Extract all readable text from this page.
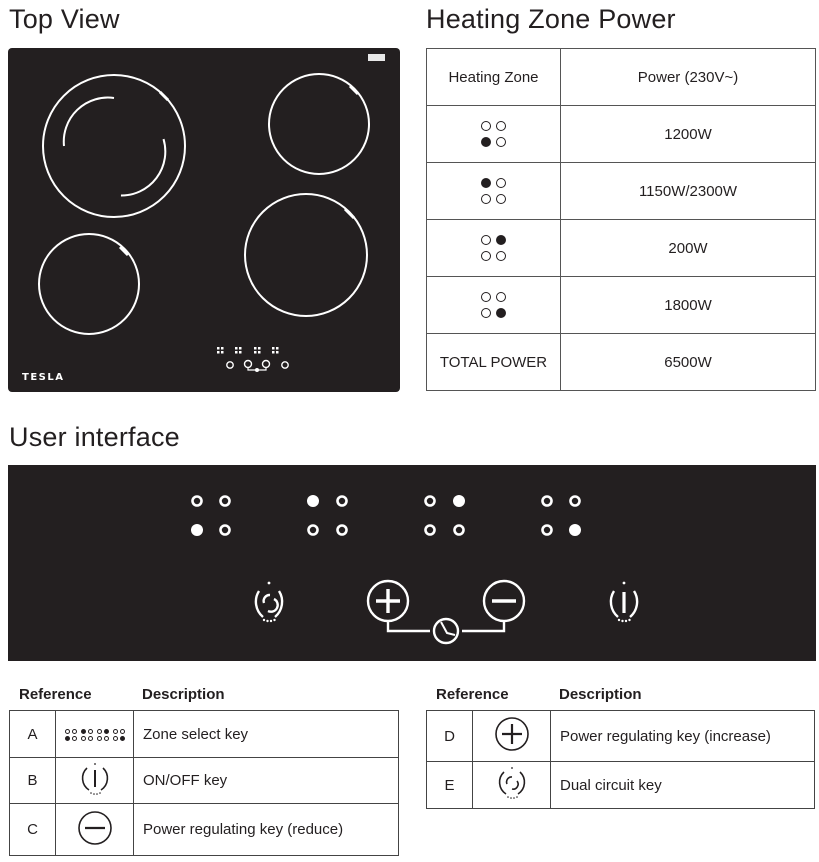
Top View
TESLA
Heating Zone Power
Heating Zone	Power (230V~)

	1200W

	1150W/2300W

	200W

	1800W
TOTAL POWER	6500W
User interface
Reference	Description
A		Zone select key
B		ON/OFF key
C		Power regulating key (reduce)
Reference	Description
D		Power regulating key (increase)
E		Dual circuit key
